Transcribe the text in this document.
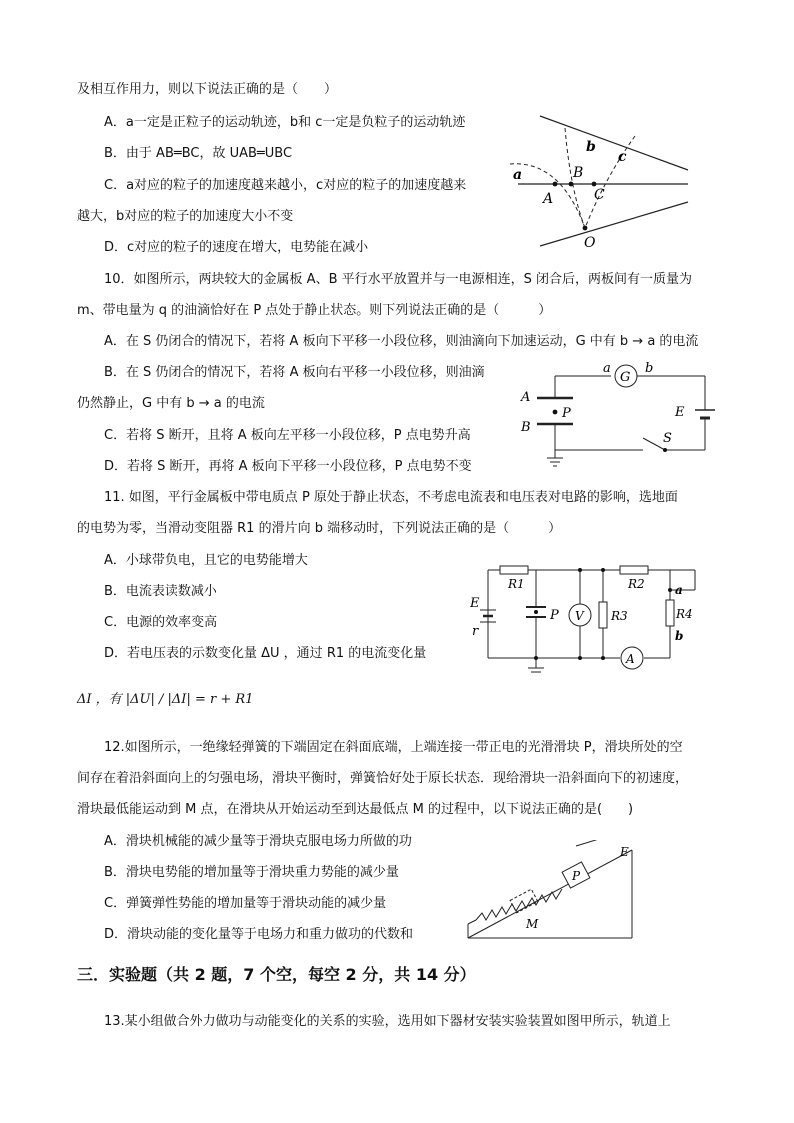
及相互作用力，则以下说法正确的是（　　）
A．a一定是正粒子的运动轨迹，b和 c一定是负粒子的运动轨迹
B．由于 AB═BC，故 UAB═UBC
C．a对应的粒子的加速度越来越小，c对应的粒子的加速度越来
越大，b对应的粒子的加速度大小不变
D．c对应的粒子的速度在增大，电势能在减小
10．如图所示，两块较大的金属板 A、B 平行水平放置并与一电源相连，S 闭合后，两板间有一质量为
m、带电量为 q 的油滴恰好在 P 点处于静止状态。则下列说法正确的是（　　　）
A．在 S 仍闭合的情况下，若将 A 板向下平移一小段位移，则油滴向下加速运动，G 中有 b → a 的电流
B．在 S 仍闭合的情况下，若将 A 板向右平移一小段位移，则油滴
仍然静止，G 中有 b → a 的电流
C．若将 S 断开，且将 A 板向左平移一小段位移，P 点电势升高
D．若将 S 断开，再将 A 板向下平移一小段位移，P 点电势不变
11. 如图，平行金属板中带电质点 P 原处于静止状态，不考虑电流表和电压表对电路的影响，选地面
的电势为零，当滑动变阻器 R1 的滑片向 b 端移动时，下列说法正确的是（　　　）
A．小球带负电，且它的电势能增大
B．电流表读数减小
C．电源的效率变高
D．若电压表的示数变化量 ΔU ，通过 R1 的电流变化量
ΔI ，有 |ΔU| / |ΔI| = r + R1
12.如图所示，一绝缘轻弹簧的下端固定在斜面底端，上端连接一带正电的光滑滑块 P，滑块所处的空
间存在着沿斜面向上的匀强电场，滑块平衡时，弹簧恰好处于原长状态．现给滑块一沿斜面向下的初速度，
滑块最低能运动到 M 点，在滑块从开始运动至到达最低点 M 的过程中，以下说法正确的是(　　)
A．滑块机械能的减少量等于滑块克服电场力所做的功
B．滑块电势能的增加量等于滑块重力势能的减少量
C．弹簧弹性势能的增加量等于滑块动能的减少量
D．滑块动能的变化量等于电场力和重力做功的代数和
三．实验题（共 2 题，7 个空，每空 2 分，共 14 分）
13.某小组做合外力做功与动能变化的关系的实验，选用如下器材安装实验装置如图甲所示，轨道上
a
b
c
A
B
C
O
G
a	b
A
B
P	E
S
A
V
E
r
R1
P	R3
R2	a
R4
b
E
P
M
